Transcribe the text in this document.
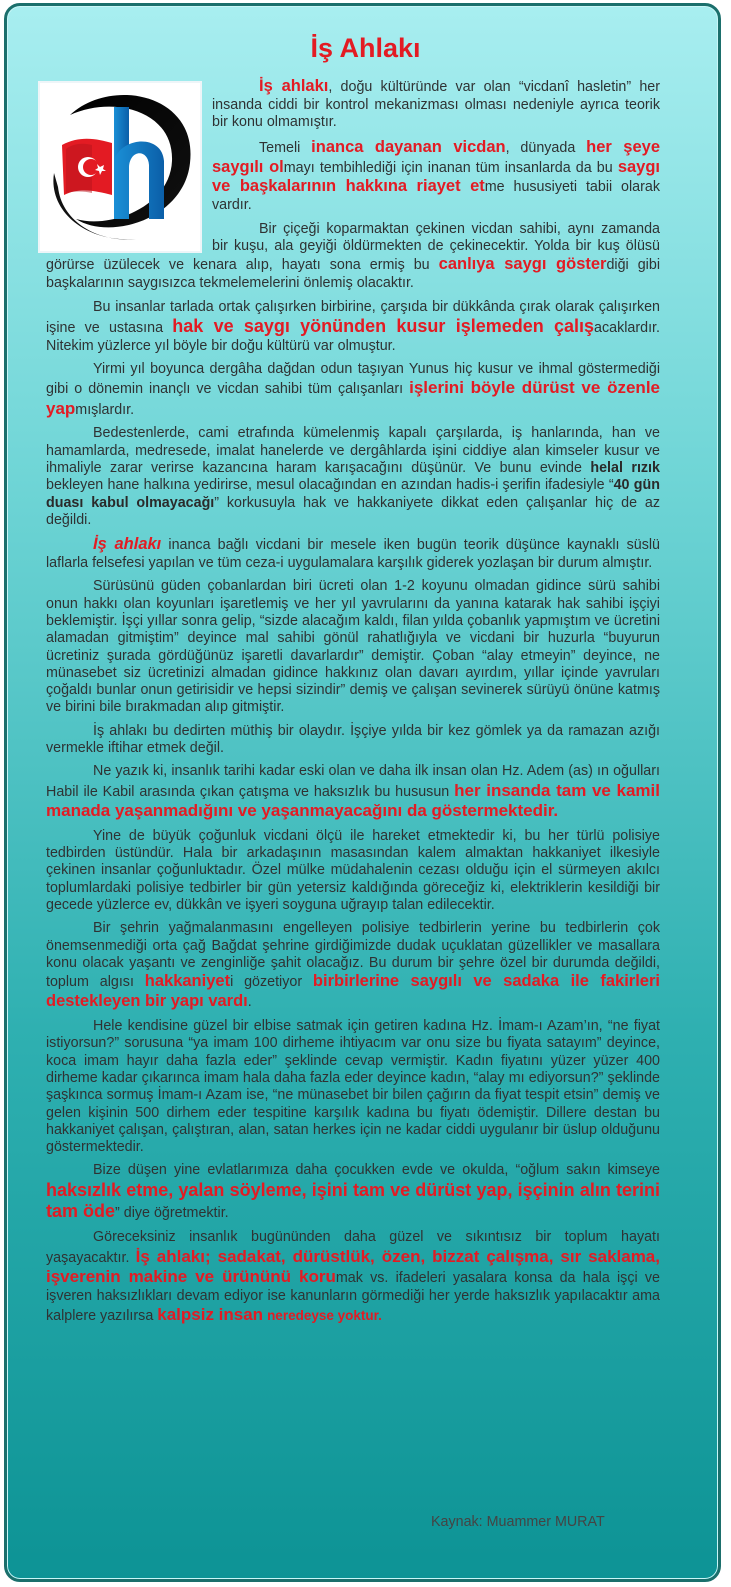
İş Ahlakı

İş ahlakı, doğu kültüründe var olan “vicdanî hasletin” her insanda ciddi bir kontrol mekanizması olması nedeniyle ayrıca teorik bir konu olmamıştır.

Temeli inanca dayanan vicdan, dünyada her şeye saygılı olmayı tembihlediği için inanan tüm insanlarda da bu saygı ve başkalarının hakkına riayet etme hususiyeti tabii olarak vardır.

Bir çiçeği koparmaktan çekinen vicdan sahibi, aynı zamanda bir kuşu, ala geyiği öldürmekten de çekinecektir. Yolda bir kuş ölüsü görürse üzülecek ve kenara alıp, hayatı sona ermiş bu canlıya saygı gösterdiği gibi başkalarının saygısızca tekmelemelerini önlemiş olacaktır.

Bu insanlar tarlada ortak çalışırken birbirine, çarşıda bir dükkânda çırak olarak çalışırken işine ve ustasına hak ve saygı yönünden kusur işlemeden çalışacaklardır. Nitekim yüzlerce yıl böyle bir doğu kültürü var olmuştur.

Yirmi yıl boyunca dergâha dağdan odun taşıyan Yunus hiç kusur ve ihmal göstermediği gibi o dönemin inançlı ve vicdan sahibi tüm çalışanları işlerini böyle dürüst ve özenle yapmışlardır.

Bedestenlerde, cami etrafında kümelenmiş kapalı çarşılarda, iş hanlarında, han ve hamamlarda, medresede, imalat hanelerde ve dergâhlarda işini ciddiye alan kimseler kusur ve ihmaliyle zarar verirse kazancına haram karışacağını düşünür. Ve bunu evinde helal rızık bekleyen hane halkına yedirirse, mesul olacağından en azından hadis-i şerifin ifadesiyle “40 gün duası kabul olmayacağı” korkusuyla hak ve hakkaniyete dikkat eden çalışanlar hiç de az değildi.

İş ahlakı inanca bağlı vicdani bir mesele iken bugün teorik düşünce kaynaklı süslü laflarla felsefesi yapılan ve tüm ceza-i uygulamalara karşılık giderek yozlaşan bir durum almıştır.

Sürüsünü güden çobanlardan biri ücreti olan 1-2 koyunu olmadan gidince sürü sahibi onun hakkı olan koyunları işaretlemiş ve her yıl yavrularını da yanına katarak hak sahibi işçiyi beklemiştir. İşçi yıllar sonra gelip, “sizde alacağım kaldı, filan yılda çobanlık yapmıştım ve ücretini alamadan gitmiştim” deyince mal sahibi gönül rahatlığıyla ve vicdani bir huzurla “buyurun ücretiniz şurada gördüğünüz işaretli davarlardır” demiştir. Çoban “alay etmeyin” deyince, ne münasebet siz ücretinizi almadan gidince hakkınız olan davarı ayırdım, yıllar içinde yavruları çoğaldı bunlar onun getirisidir ve hepsi sizindir” demiş ve çalışan sevinerek sürüyü önüne katmış ve birini bile bırakmadan alıp gitmiştir.

İş ahlakı bu dedirten müthiş bir olaydır. İşçiye yılda bir kez gömlek ya da ramazan azığı vermekle iftihar etmek değil.

Ne yazık ki, insanlık tarihi kadar eski olan ve daha ilk insan olan Hz. Adem (as) ın oğulları Habil ile Kabil arasında çıkan çatışma ve haksızlık bu hususun her insanda tam ve kamil manada yaşanmadığını ve yaşanmayacağını da göstermektedir.

Yine de büyük çoğunluk vicdani ölçü ile hareket etmektedir ki, bu her türlü polisiye tedbirden üstündür. Hala bir arkadaşının masasından kalem almaktan hakkaniyet ilkesiyle çekinen insanlar çoğunluktadır. Özel mülke müdahalenin cezası olduğu için el sürmeyen akılcı toplumlardaki polisiye tedbirler bir gün yetersiz kaldığında göreceğiz ki, elektriklerin kesildiği bir gecede yüzlerce ev, dükkân ve işyeri soyguna uğrayıp talan edilecektir.

Bir şehrin yağmalanmasını engelleyen polisiye tedbirlerin yerine bu tedbirlerin çok önemsenmediği orta çağ Bağdat şehrine girdiğimizde dudak uçuklatan güzellikler ve masallara konu olacak yaşantı ve zenginliğe şahit olacağız. Bu durum bir şehre özel bir durumda değildi, toplum algısı hakkaniyeti gözetiyor birbirlerine saygılı ve sadaka ile fakirleri destekleyen bir yapı vardı.

Hele kendisine güzel bir elbise satmak için getiren kadına Hz. İmam-ı Azam’ın, “ne fiyat istiyorsun?” sorusuna “ya imam 100 dirheme ihtiyacım var onu size bu fiyata satayım” deyince, koca imam hayır daha fazla eder” şeklinde cevap vermiştir. Kadın fiyatını yüzer yüzer 400 dirheme kadar çıkarınca imam hala daha fazla eder deyince kadın, “alay mı ediyorsun?” şeklinde şaşkınca sormuş İmam-ı Azam ise, “ne münasebet bir bilen çağırın da fiyat tespit etsin” demiş ve gelen kişinin 500 dirhem eder tespitine karşılık kadına bu fiyatı ödemiştir. Dillere destan bu hakkaniyet çalışan, çalıştıran, alan, satan herkes için ne kadar ciddi uygulanır bir üslup olduğunu göstermektedir.

Bize düşen yine evlatlarımıza daha çocukken evde ve okulda, “oğlum sakın kimseye haksızlık etme, yalan söyleme, işini tam ve dürüst yap, işçinin alın terini tam öde” diye öğretmektir.

Göreceksiniz insanlık bugününden daha güzel ve sıkıntısız bir toplum hayatı yaşayacaktır. İş ahlakı; sadakat, dürüstlük, özen, bizzat çalışma, sır saklama, işverenin makine ve ürününü korumak vs. ifadeleri yasalara konsa da hala işçi ve işveren haksızlıkları devam ediyor ise kanunların görmediği her yerde haksızlık yapılacaktır ama kalplere yazılırsa kalpsiz insan neredeyse yoktur.

Kaynak: Muammer MURAT
